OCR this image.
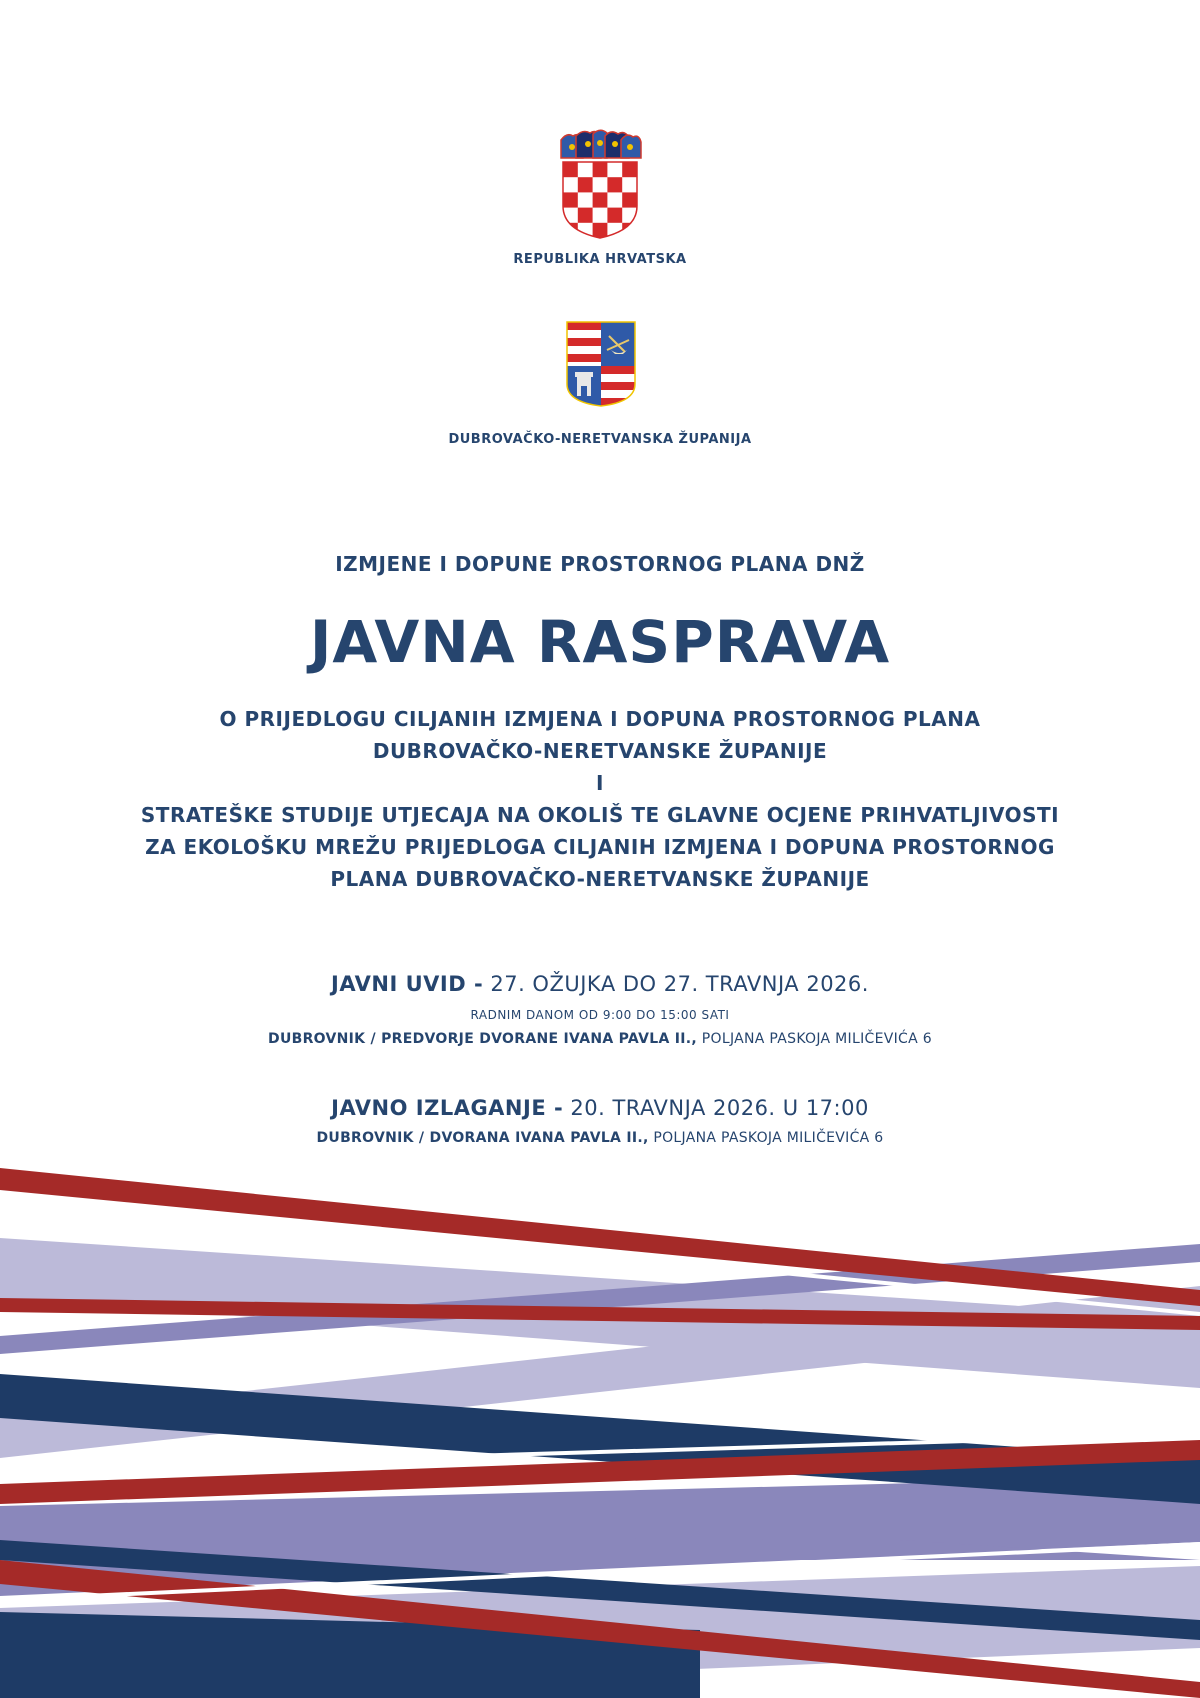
REPUBLIKA HRVATSKA
DUBROVAČKO-NERETVANSKA ŽUPANIJA
IZMJENE I DOPUNE PROSTORNOG PLANA DNŽ
JAVNA RASPRAVA
O PRIJEDLOGU CILJANIH IZMJENA I DOPUNA PROSTORNOG PLANA
DUBROVAČKO-NERETVANSKE ŽUPANIJE
I
STRATEŠKE STUDIJE UTJECAJA NA OKOLIŠ TE GLAVNE OCJENE PRIHVATLJIVOSTI
ZA EKOLOŠKU MREŽU PRIJEDLOGA CILJANIH IZMJENA I DOPUNA PROSTORNOG
PLANA DUBROVAČKO-NERETVANSKE ŽUPANIJE
JAVNI UVID - 27. OŽUJKA DO 27. TRAVNJA 2026.
RADNIM DANOM OD 9:00 DO 15:00 SATI
DUBROVNIK / PREDVORJE DVORANE IVANA PAVLA II., POLJANA PASKOJA MILIČEVIĆA 6
JAVNO IZLAGANJE - 20. TRAVNJA 2026. U 17:00
DUBROVNIK / DVORANA IVANA PAVLA II., POLJANA PASKOJA MILIČEVIĆA 6
